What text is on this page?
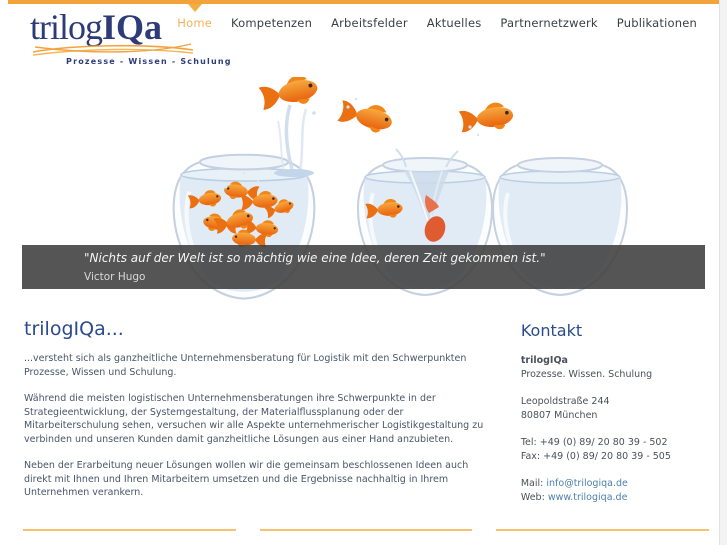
trilogIQa
Prozesse - Wissen - Schulung
Home Kompetenzen Arbeitsfelder Aktuelles Partnernetzwerk Publikationen
"Nichts auf der Welt ist so mächtig wie eine Idee, deren Zeit gekommen ist."
Victor Hugo
trilogIQa...

...versteht sich als ganzheitliche Unternehmensberatung für Logistik mit den Schwerpunkten Prozesse, Wissen und Schulung.

Während die meisten logistischen Unternehmensberatungen ihre Schwerpunkte in der Strategieentwicklung, der Systemgestaltung, der Materialflussplanung oder der Mitarbeiterschulung sehen, versuchen wir alle Aspekte unternehmerischer Logistikgestaltung zu verbinden und unseren Kunden damit ganzheitliche Lösungen aus einer Hand anzubieten.

Neben der Erarbeitung neuer Lösungen wollen wir die gemeinsam beschlossenen Ideen auch direkt mit Ihnen und Ihren Mitarbeitern umsetzen und die Ergebnisse nachhaltig in Ihrem Unternehmen verankern.

Kontakt
trilogIQa
Prozesse. Wissen. Schulung
Leopoldstraße 244
80807 München
Tel: +49 (0) 89/ 20 80 39 - 502
Fax: +49 (0) 89/ 20 80 39 - 505
Mail: info@trilogiqa.de
Web: www.trilogiqa.de
